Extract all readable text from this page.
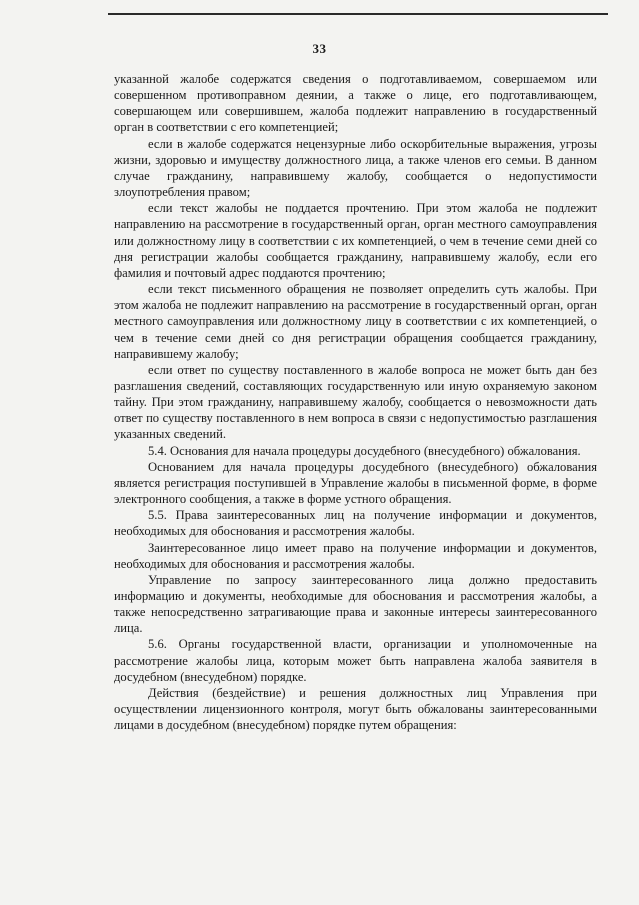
33

указанной жалобе содержатся сведения о подготавливаемом, совершаемом или совершенном противоправном деянии, а также о лице, его подготавливающем, совершающем или совершившем, жалоба подлежит направлению в государственный орган в соответствии с его компетенцией;

если в жалобе содержатся нецензурные либо оскорбительные выражения, угрозы жизни, здоровью и имуществу должностного лица, а также членов его семьи. В данном случае гражданину, направившему жалобу, сообщается о недопустимости злоупотребления правом;

если текст жалобы не поддается прочтению. При этом жалоба не подлежит направлению на рассмотрение в государственный орган, орган местного самоуправления или должностному лицу в соответствии с их компетенцией, о чем в течение семи дней со дня регистрации жалобы сообщается гражданину, направившему жалобу, если его фамилия и почтовый адрес поддаются прочтению;

если текст письменного обращения не позволяет определить суть жалобы. При этом жалоба не подлежит направлению на рассмотрение в государственный орган, орган местного самоуправления или должностному лицу в соответствии с их компетенцией, о чем в течение семи дней со дня регистрации обращения сообщается гражданину, направившему жалобу;

если ответ по существу поставленного в жалобе вопроса не может быть дан без разглашения сведений, составляющих государственную или иную охраняемую законом тайну. При этом гражданину, направившему жалобу, сообщается о невозможности дать ответ по существу поставленного в нем вопроса в связи с недопустимостью разглашения указанных сведений.

5.4. Основания для начала процедуры досудебного (внесудебного) обжалования.

Основанием для начала процедуры досудебного (внесудебного) обжалования является регистрация поступившей в Управление жалобы в письменной форме, в форме электронного сообщения, а также в форме устного обращения.

5.5. Права заинтересованных лиц на получение информации и документов, необходимых для обоснования и рассмотрения жалобы.

Заинтересованное лицо имеет право на получение информации и документов, необходимых для обоснования и рассмотрения жалобы.

Управление по запросу заинтересованного лица должно предоставить информацию и документы, необходимые для обоснования и рассмотрения жалобы, а также непосредственно затрагивающие права и законные интересы заинтересованного лица.

5.6. Органы государственной власти, организации и уполномоченные на рассмотрение жалобы лица, которым может быть направлена жалоба заявителя в досудебном (внесудебном) порядке.

Действия (бездействие) и решения должностных лиц Управления при осуществлении лицензионного контроля, могут быть обжалованы заинтересованными лицами в досудебном (внесудебном) порядке путем обращения:
